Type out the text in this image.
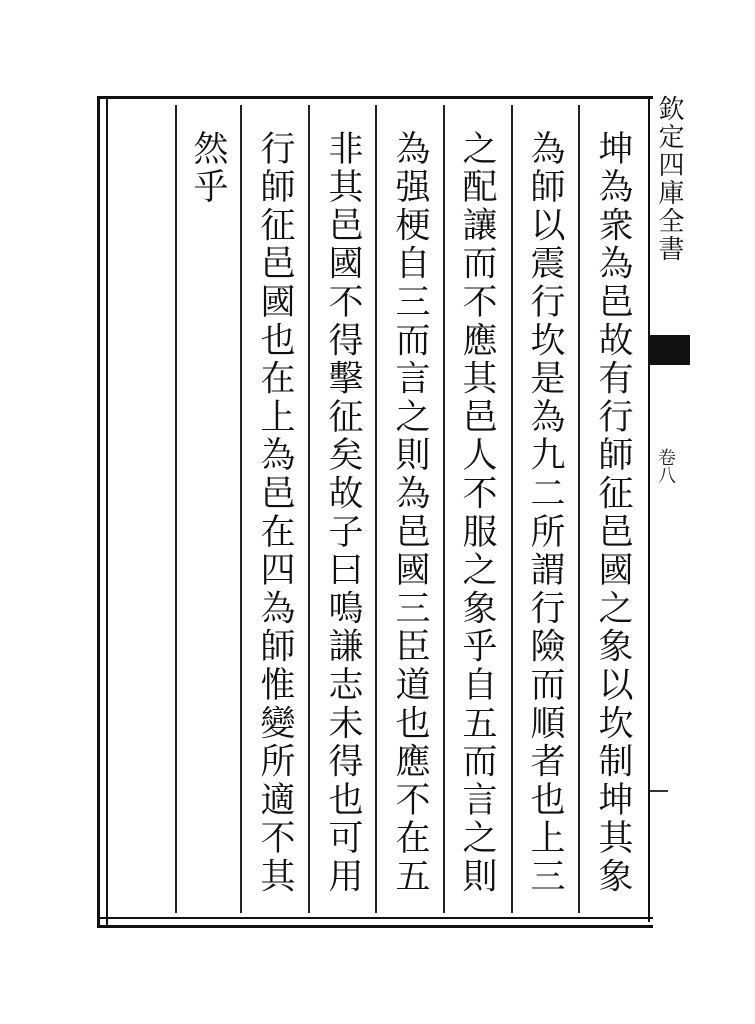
欽定四庫全書
卷八
坤為衆為邑故有行師征邑國之象以坎制坤其象
為師以震行坎是為九二所謂行險而順者也上三
之配讓而不應其邑人不服之象乎自五而言之則
為强梗自三而言之則為邑國三臣道也應不在五
非其邑國不得擊征矣故子曰鳴謙志未得也可用
行師征邑國也在上為邑在四為師惟變所適不其
然乎
